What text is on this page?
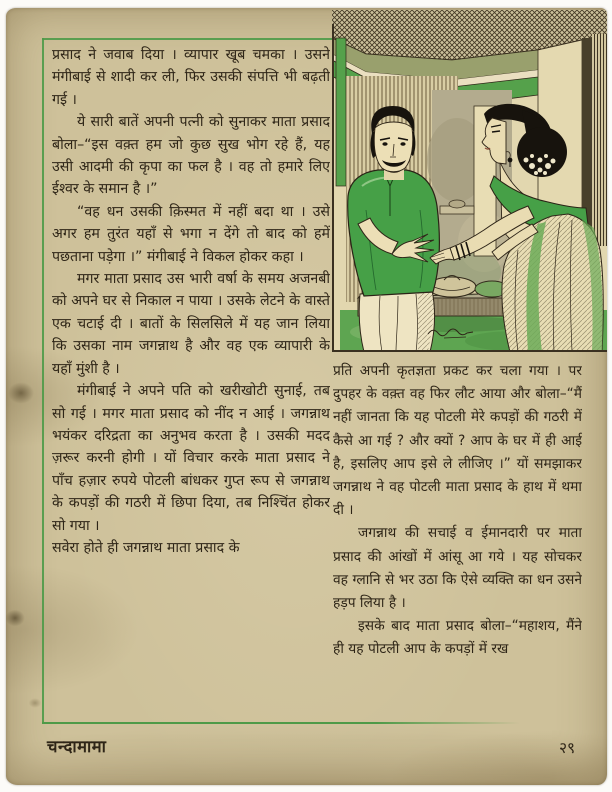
प्रसाद ने जवाब दिया । व्यापार खूब चमका । उसने मंगीबाई से शादी कर ली, फिर उसकी संपत्ति भी बढ़ती गई ।

ये सारी बातें अपनी पत्नी को सुनाकर माता प्रसाद बोला–“इस वक़्त हम जो कुछ सुख भोग रहे हैं, यह उसी आदमी की कृपा का फल है । वह तो हमारे लिए ईश्वर के समान है ।”

“वह धन उसकी क़िस्मत में नहीं बदा था । उसे अगर हम तुरंत यहाँ से भगा न देंगे तो बाद को हमें पछताना पड़ेगा ।” मंगीबाई ने विकल होकर कहा ।

मगर माता प्रसाद उस भारी वर्षा के समय अजनबी को अपने घर से निकाल न पाया । उसके लेटने के वास्ते एक चटाई दी । बातों के सिलसिले में यह जान लिया कि उसका नाम जगन्नाथ है और वह एक व्यापारी के यहाँ मुंशी है ।

मंगीबाई ने अपने पति को खरीखोटी सुनाई, तब सो गई । मगर माता प्रसाद को नींद न आई । जगन्नाथ भयंकर दरिद्रता का अनुभव करता है । उसकी मदद ज़रूर करनी होगी । यों विचार करके माता प्रसाद ने पाँच हज़ार रुपये पोटली बांधकर गुप्त रूप से जगन्नाथ के कपड़ों की गठरी में छिपा दिया, तब निश्चिंत होकर सो गया ।

सवेरा होते ही जगन्नाथ माता प्रसाद के

प्रति अपनी कृतज्ञता प्रकट कर चला गया । पर दुपहर के वक़्त वह फिर लौट आया और बोला–“मैं नहीं जानता कि यह पोटली मेरे कपड़ों की गठरी में कैसे आ गई ? और क्यों ? आप के घर में ही आई है, इसलिए आप इसे ले लीजिए ।” यों समझाकर जगन्नाथ ने वह पोटली माता प्रसाद के हाथ में थमा दी ।

जगन्नाथ की सचाई व ईमानदारी पर माता प्रसाद की आंखों में आंसू आ गये । यह सोचकर वह ग्लानि से भर उठा कि ऐसे व्यक्ति का धन उसने हड़प लिया है ।

इसके बाद माता प्रसाद बोला–“महाशय, मैंने ही यह पोटली आप के कपड़ों में रख

चन्दामामा	२९
